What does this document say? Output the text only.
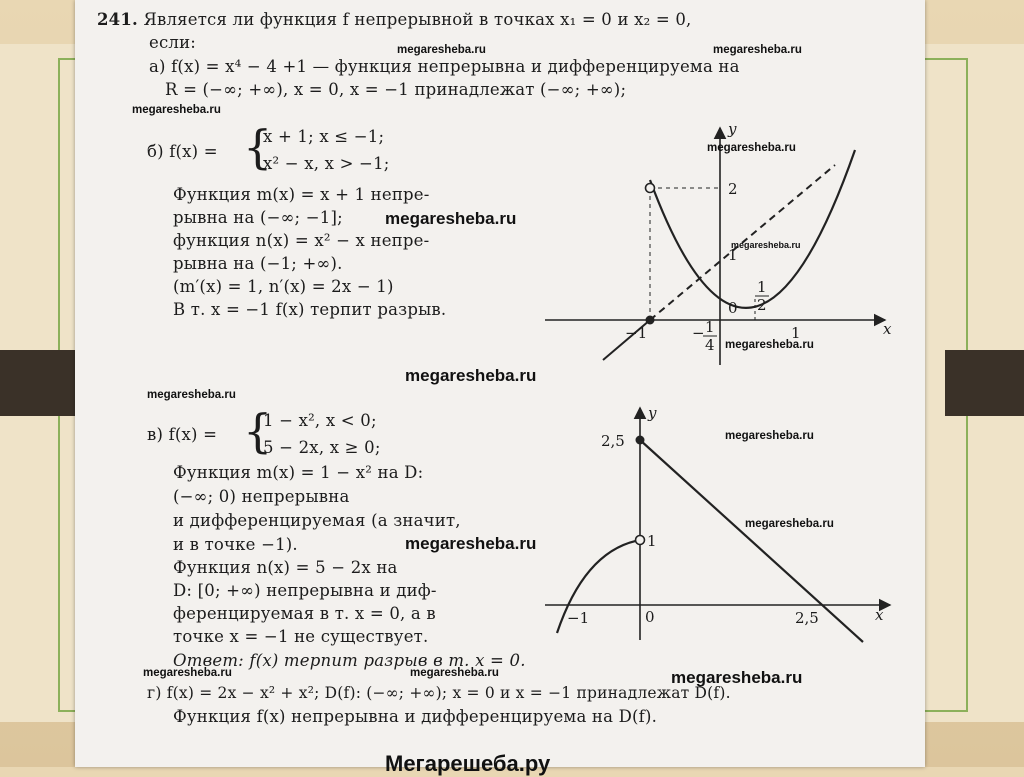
241. Является ли функция f непрерывной в точках x₁ = 0 и x₂ = 0,
если:
а) f(x) = x⁴ − 4 +1 — функция непрерывна и дифференцируема на
R = (−∞; +∞), x = 0, x = −1 принадлежат (−∞; +∞);
б) f(x) = {
x + 1; x ≤ −1;
x² − x, x > −1;
Функция m(x) = x + 1 непре-
рывна на (−∞; −1];
функция n(x) = x² − x непре-
рывна на (−1; +∞).
(m′(x) = 1, n′(x) = 2x − 1)
В т. x = −1 f(x) терпит разрыв.
в) f(x) = {
1 − x², x < 0;
5 − 2x, x ≥ 0;
Функция m(x) = 1 − x² на D:
(−∞; 0) непрерывна
и дифференцируемая (а значит,
и в точке −1).
Функция n(x) = 5 − 2x на
D: [0; +∞) непрерывна и диф-
ференцируемая в т. x = 0, а в
точке x = −1 не существует.
Ответ: f(x) терпит разрыв в т. x = 0.
г) f(x) = 2x − x² + x²; D(f): (−∞; +∞); x = 0 и x = −1 принадлежат D(f).
Функция f(x) непрерывна и дифференцируема на D(f).
y
x
2
1
0
1
2
−1	− 1
4
1
y
x
2,5
1
0
−1	2,5
megaresheba.ru	megaresheba.ru
megaresheba.ru
megaresheba.ru
megaresheba.ru
megaresheba.ru
megaresheba.ru
megaresheba.ru
megaresheba.ru
megaresheba.ru
megaresheba.ru
megaresheba.ru
megaresheba.ru	megaresheba.ru	megaresheba.ru
Мегарешеба.ру
